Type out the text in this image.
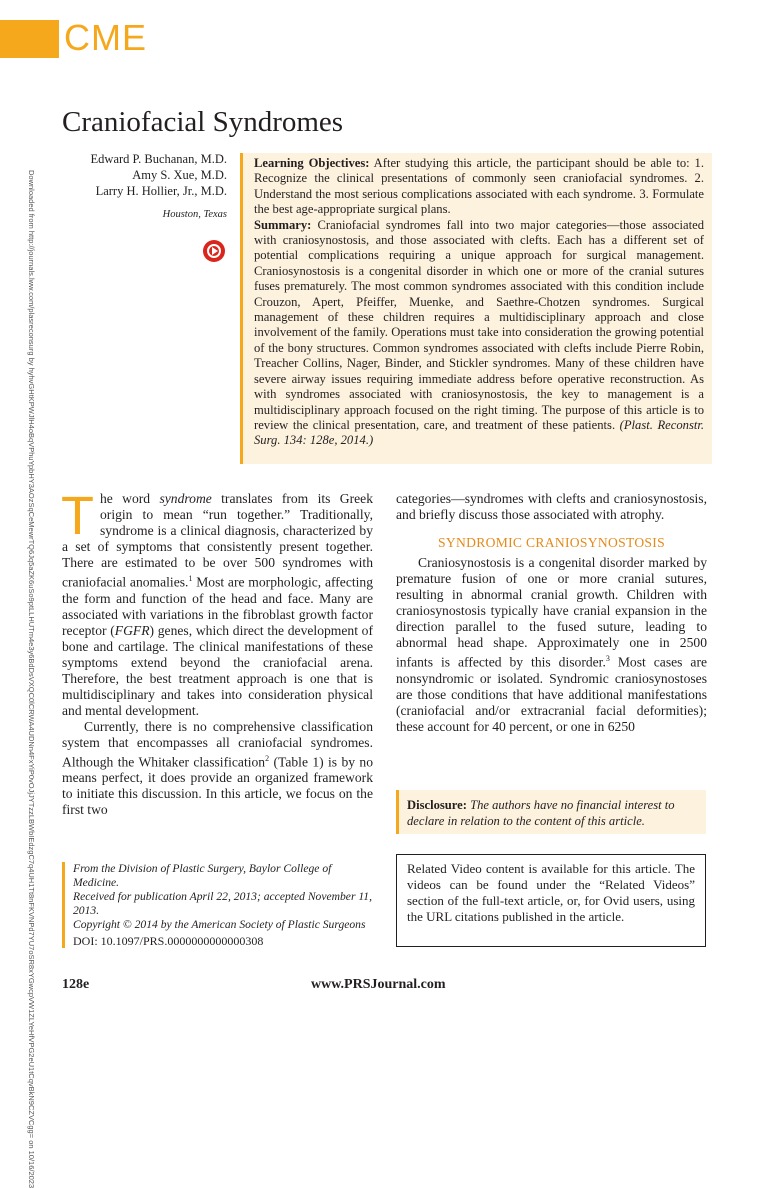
CME
Craniofacial Syndromes
Edward P. Buchanan, M.D.
Amy S. Xue, M.D.
Larry H. Hollier, Jr., M.D.
Houston, Texas
Downloaded from http://journals.lww.com/plasreconsurg by hyhvGHtKPWJlH4oBqVPhuYpbHY3AOzSqCeMewrTQ6Jq5aZK6uSo9ptLLHUTm4e3y6BdDsVXQC0lCRWA4UDNn4FxYiP0vOJjJYTzzLBWbIEdzgC7q4UH1Tt8nFKVNPd7YU7oSR8xYGwcpVW1ZLYeHfVPG2eU1tCqvBkN9CZVCgg= on 10/16/2023
Learning Objectives: After studying this article, the participant should be able to: 1. Recognize the clinical presentations of commonly seen craniofacial syndromes. 2. Understand the most serious complications associated with each syndrome. 3. Formulate the best age-appropriate surgical plans.
Summary: Craniofacial syndromes fall into two major categories—those associated with craniosynostosis, and those associated with clefts. Each has a different set of potential complications requiring a unique approach for surgical management. Craniosynostosis is a congenital disorder in which one or more of the cranial sutures fuses prematurely. The most common syndromes associated with this condition include Crouzon, Apert, Pfeiffer, Muenke, and Saethre-Chotzen syndromes. Surgical management of these children requires a multidisciplinary approach and close involvement of the family. Operations must take into consideration the growing potential of the bony structures. Common syndromes associated with clefts include Pierre Robin, Treacher Collins, Nager, Binder, and Stickler syndromes. Many of these children have severe airway issues requiring immediate address before operative reconstruction. As with syndromes associated with craniosynostosis, the key to management is a multidisciplinary approach focused on the right timing. The purpose of this article is to review the clinical presentation, care, and treatment of these patients. (Plast. Reconstr. Surg. 134: 128e, 2014.)

The word syndrome translates from its Greek origin to mean “run together.” Traditionally, syndrome is a clinical diagnosis, characterized by a set of symptoms that consistently present together. There are estimated to be over 500 syndromes with craniofacial anomalies.$^1$ Most are morphologic, affecting the form and function of the head and face. Many are associated with variations in the fibroblast growth factor receptor (FGFR) genes, which direct the development of bone and cartilage. The clinical manifestations of these symptoms extend beyond the craniofacial arena. Therefore, the best treatment approach is one that is multidisciplinary and takes into consideration physical and mental development.

Currently, there is no comprehensive classification system that encompasses all craniofacial syndromes. Although the Whitaker classification$^2$ (Table 1) is by no means perfect, it does provide an organized framework to initiate this discussion. In this article, we focus on the first two

categories—syndromes with clefts and craniosynostosis, and briefly discuss those associated with atrophy.

SYNDROMIC CRANIOSYNOSTOSIS

Craniosynostosis is a congenital disorder marked by premature fusion of one or more cranial sutures, resulting in abnormal cranial growth. Children with craniosynostosis typically have cranial expansion in the direction parallel to the fused suture, leading to abnormal head shape. Approximately one in 2500 infants is affected by this disorder.$^3$ Most cases are nonsyndromic or isolated. Syndromic craniosynostoses are those conditions that have additional manifestations (craniofacial and/or extracranial facial deformities); these account for 40 percent, or one in 6250

Disclosure: The authors have no financial interest to declare in relation to the content of this article.
Related Video content is available for this article. The videos can be found under the “Related Videos” section of the full-text article, or, for Ovid users, using the URL citations published in the article.
From the Division of Plastic Surgery, Baylor College of Medicine.
Received for publication April 22, 2013; accepted November 11, 2013.
Copyright © 2014 by the American Society of Plastic Surgeons
DOI: 10.1097/PRS.0000000000000308
128e	www.PRSJournal.com
